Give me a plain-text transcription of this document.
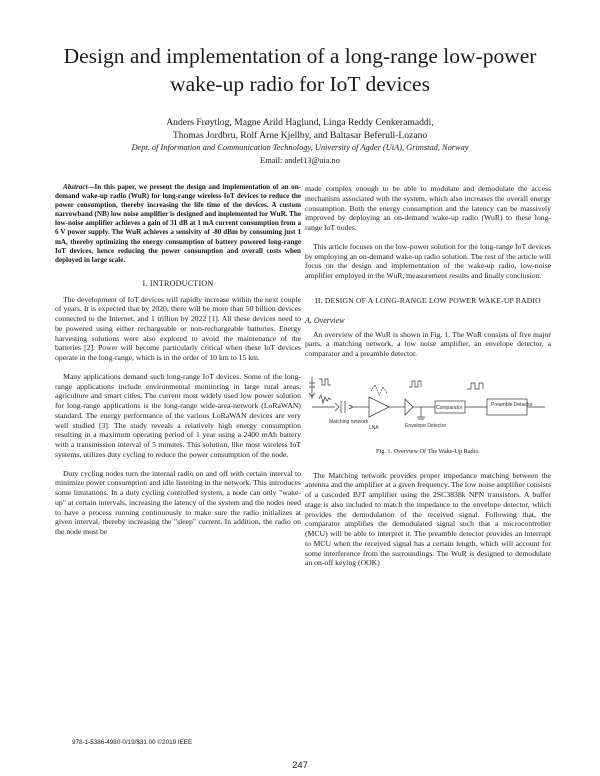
Design and implementation of a long-range low-power wake-up radio for IoT devices
Anders Frøytlog, Magne Arild Haglund, Linga Reddy Cenkeramaddi,
Thomas Jordbru, Rolf Arne Kjellby, and Baltasar Beferull-Lozano
Dept. of Information and Communication Technology, University of Agder (UiA), Grimstad, Norway
Email: andef13@uia.no

Abstract—In this paper, we present the design and implementation of an on-demand wake-up radio (WuR) for long-range wireless IoT devices to reduce the power consumption, thereby increasing the life time of the devices. A custom narrowband (NB) low noise amplifier is designed and implemented for WuR. The low-noise amplifier achieves a gain of 31 dB at 1 mA current consumption from a 6 V power supply. The WuR achieves a sensivity of -80 dBm by consuming just 1 mA, thereby optimizing the energy consumption of battery powered long-range IoT devices, hence reducing the power consumption and overall costs when deployed in large scale.

I. INTRODUCTION

The development of IoT devices will rapidly increase within the next couple of years. It is expected that by 2020, there will be more than 50 billion devices connected to the Internet, and 1 trillion by 2022 [1]. All these devices need to be powered using either rechargeable or non-rechargeable batteries. Energy harvesting solutions were also explored to avoid the maintenance of the batteries [2]. Power will become particularly critical when these IoT devices operate in the long-range, which is in the order of 10 km to 15 km.

Many applications demand such long-range IoT devices. Some of the long-range applications include environmental monitoring in large rural areas, agriculture and smart cities. The current most widely used low power solution for long-range applications is the long-range wide-area-network (LoRaWAN) standard. The energy performance of the various LoRaWAN devices are very well studied [3]. The study reveals a relatively high energy consumption resulting in a maximum operating period of 1 year using a 2400 mAh battery with a transmission interval of 5 minutes. This solution, like most wireless IoT systems, utilizes duty cycling to reduce the power consumption of the node.

Duty cycling nodes turn the internal radio on and off with certain interval to minimize power consumption and idle listening in the network. This introduces some limitations. In a duty cycling controlled system, a node can only "wake-up" at certain intervals, increasing the latency of the system and the nodes need to have a process running continuously to make sure the radio initializes at given interval, thereby increasing the "sleep" current. In addition, the radio on the node must be

made complex enough to be able to modulate and demodulate the access mechanism associated with the system, which also increases the overall energy consumption. Both the energy consumption and the latency can be massively improved by deploying an on-demand wake-up radio (WuR) to these long-range IoT nodes.

This article focuses on the low-power solution for the long-range IoT devices by employing an on-demand wake-up radio solution. The rest of the article will focus on the design and implementation of the wake-up radio, low-noise amplifier employed in the WuR, measurement results and finally conclusion.

II. DESIGN OF A LONG-RANGE LOW POWER WAKE-UP RADIO
A. Overview

An overview of the WuR is shown in Fig. 1. The WuR consists of five major parts, a matching network, a low noise amplifier, an envelope detector, a comparator and a preamble detector.

Matching network
LNA	Envelope Detector
Comparator	Preamble Detector
Fig. 1. Overview Of The Wake-Up Radio.

The Matching network provides proper impedance matching between the antenna and the amplifier at a given frequency. The low noise amplifier consists of a cascoded BJT amplifier using the 2SC3838k NPN transistors. A buffer stage is also included to match the impedance to the envelope detector, which provides the demodulation of the received signal. Following that, the comparator amplifies the demodulated signal such that a microcontroller (MCU) will be able to interpret it. The preamble detector provides an interrupt to MCU when the received signal has a certain length, which will account for some interference from the surroundings. The WuR is designed to demodulate an on-off keying (OOK)

978-1-5386-4980-0/19/$31.00 ©2019 IEEE
247
